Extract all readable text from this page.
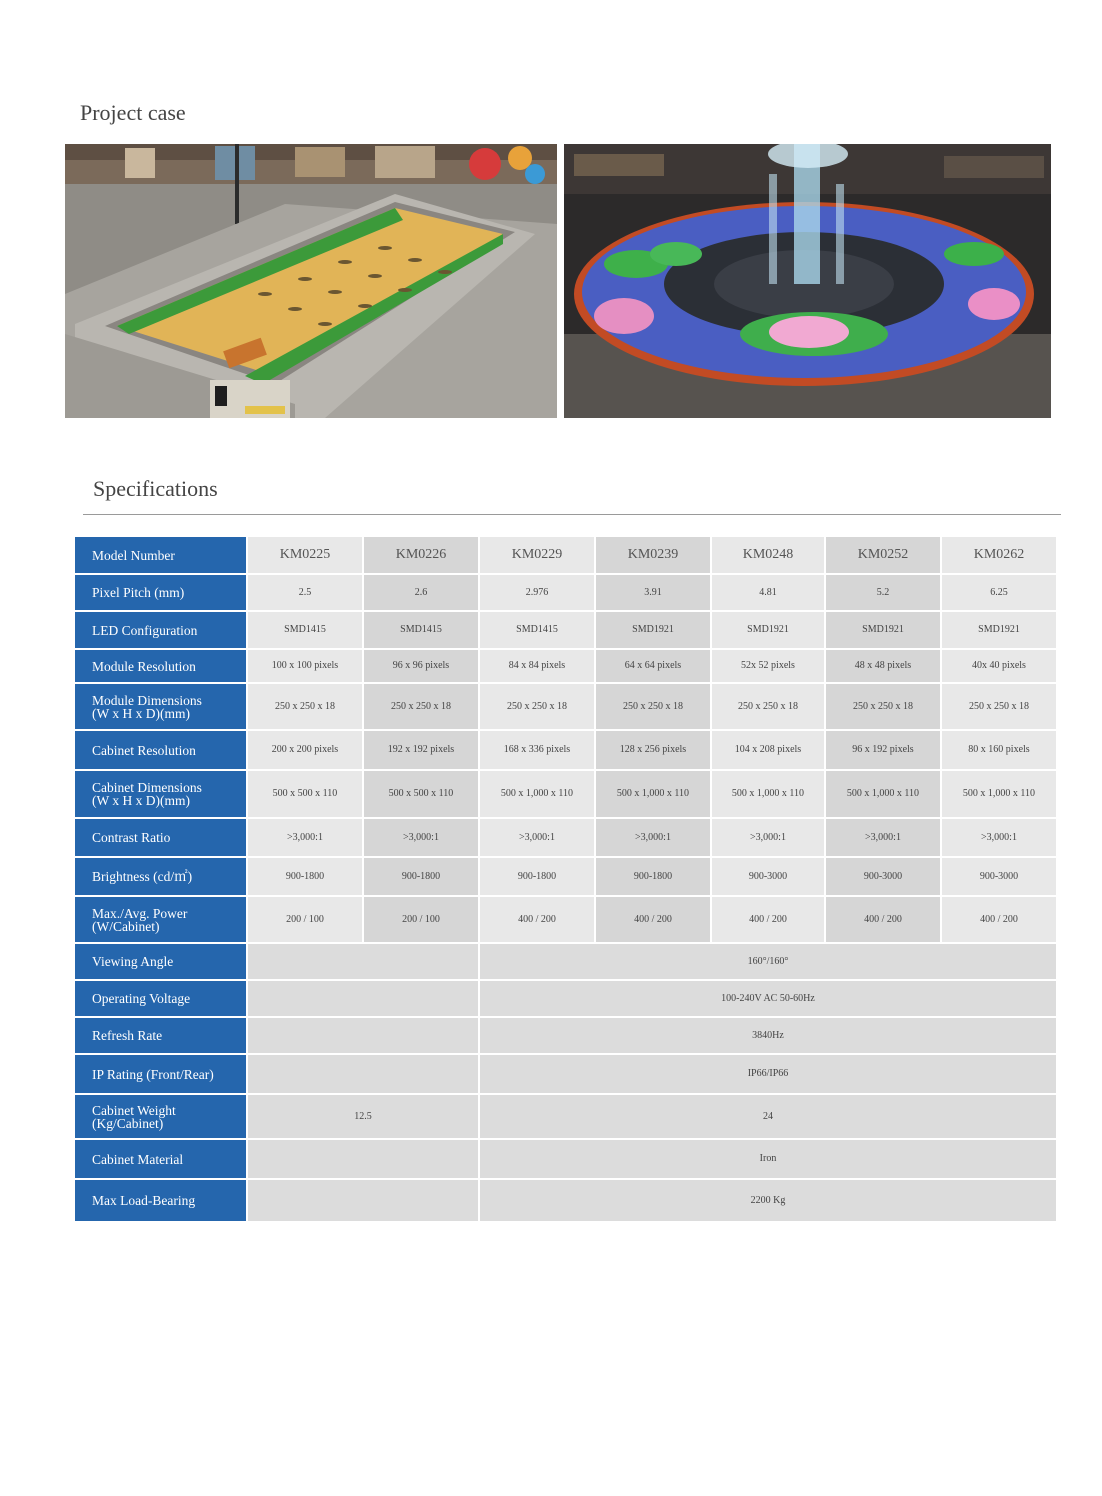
Project case
Specifications
Model Number	KM0225	KM0226	KM0229	KM0239	KM0248	KM0252	KM0262
Pixel Pitch (mm)	2.5	2.6	2.976	3.91	4.81	5.2	6.25
LED Configuration	SMD1415	SMD1415	SMD1415	SMD1921	SMD1921	SMD1921	SMD1921
Module Resolution	100 x 100 pixels	96 x 96 pixels	84 x 84 pixels	64 x 64 pixels	52x 52 pixels	48 x 48 pixels	40x 40 pixels

Module Dimensions
(W x H x D)(mm)	250 x 250 x 18	250 x 250 x 18	250 x 250 x 18	250 x 250 x 18	250 x 250 x 18	250 x 250 x 18	250 x 250 x 18
Cabinet Resolution	200 x 200 pixels	192 x 192 pixels	168 x 336 pixels	128 x 256 pixels	104 x 208 pixels	96 x 192 pixels	80 x 160 pixels

Cabinet Dimensions
(W x H x D)(mm)	500 x 500 x 110	500 x 500 x 110	500 x 1,000 x 110	500 x 1,000 x 110	500 x 1,000 x 110	500 x 1,000 x 110	500 x 1,000 x 110
Contrast Ratio	>3,000:1	>3,000:1	>3,000:1	>3,000:1	>3,000:1	>3,000:1	>3,000:1
Brightness (cd/㎡)	900-1800	900-1800	900-1800	900-1800	900-3000	900-3000	900-3000

Max./Avg. Power
(W/Cabinet)	200 / 100	200 / 100	400 / 200	400 / 200	400 / 200	400 / 200	400 / 200
Viewing Angle			160°/160°				
Operating Voltage			100-240V AC 50-60Hz				
Refresh Rate			3840Hz				
IP Rating (Front/Rear)			IP66/IP66				

Cabinet Weight
(Kg/Cabinet)	12.5		24				
Cabinet Material			Iron				
Max Load-Bearing			2200 Kg				
